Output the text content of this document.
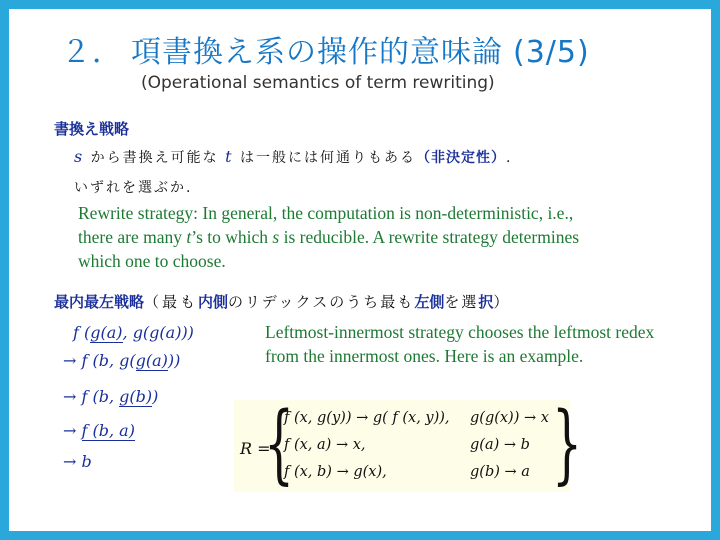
２． 項書換え系の操作的意味論 (3/5)
(Operational semantics of term rewriting)
書換え戦略
s から書換え可能な t は一般には何通りもある（非決定性）.
いずれを選ぶか.
Rewrite strategy: In general, the computation is non-deterministic, i.e.,
there are many t’s to which s is reducible. A rewrite strategy determines
which one to choose.
最内最左戦略（最も内側のリデックスのうち最も左側を選択）
f (g(a), g(g(a)))
→ f (b, g(g(a)))
→ f (b, g(b))
→ f (b, a)
→ b
Leftmost-innermost strategy chooses the leftmost redex from the innermost ones. Here is an example.
R =
{
f (x, g(y)) → g( f (x, y)), g(g(x)) → x
f (x, a) → x,	g(a) → b
f (x, b) → g(x),	g(b) → a }
